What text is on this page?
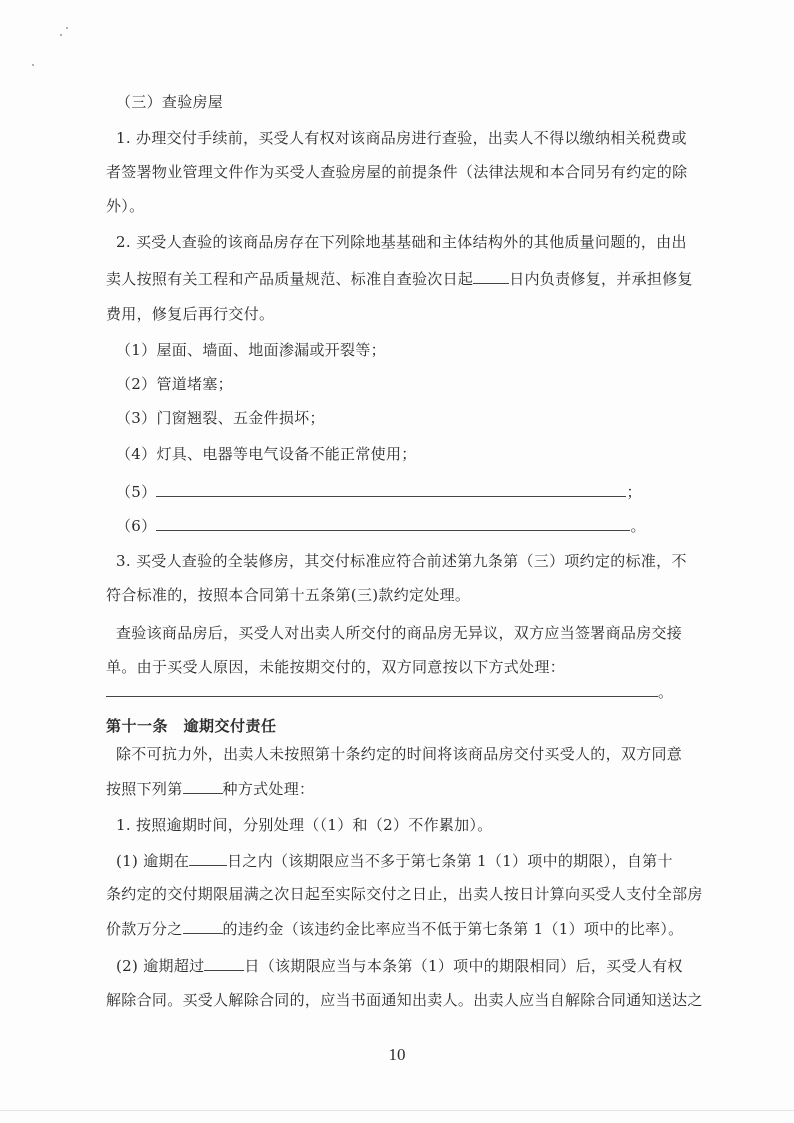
（三）查验房屋
1. 办理交付手续前，买受人有权对该商品房进行查验，出卖人不得以缴纳相关税费或
者签署物业管理文件作为买受人查验房屋的前提条件（法律法规和本合同另有约定的除
外）。
2. 买受人查验的该商品房存在下列除地基基础和主体结构外的其他质量问题的，由出
卖人按照有关工程和产品质量规范、标准自查验次日起 日内负责修复，并承担修复
费用，修复后再行交付。
（1）屋面、墙面、地面渗漏或开裂等；
（2）管道堵塞；
（3）门窗翘裂、五金件损坏；
（4）灯具、电器等电气设备不能正常使用；
（5）	；
（6）	。
3. 买受人查验的全装修房，其交付标准应符合前述第九条第（三）项约定的标准，不
符合标准的，按照本合同第十五条第(三)款约定处理。
查验该商品房后，买受人对出卖人所交付的商品房无异议，双方应当签署商品房交接
单。由于买受人原因，未能按期交付的，双方同意按以下方式处理：
。
第十一条　逾期交付责任
除不可抗力外，出卖人未按照第十条约定的时间将该商品房交付买受人的，双方同意
按照下列第	种方式处理：
1. 按照逾期时间，分别处理（（1）和（2）不作累加）。
(1) 逾期在	日之内（该期限应当不多于第七条第 1（1）项中的期限），自第十
条约定的交付期限届满之次日起至实际交付之日止，出卖人按日计算向买受人支付全部房
价款万分之	的违约金（该违约金比率应当不低于第七条第 1（1）项中的比率）。
(2) 逾期超过	日（该期限应当与本条第（1）项中的期限相同）后，买受人有权
解除合同。买受人解除合同的，应当书面通知出卖人。出卖人应当自解除合同通知送达之
10
